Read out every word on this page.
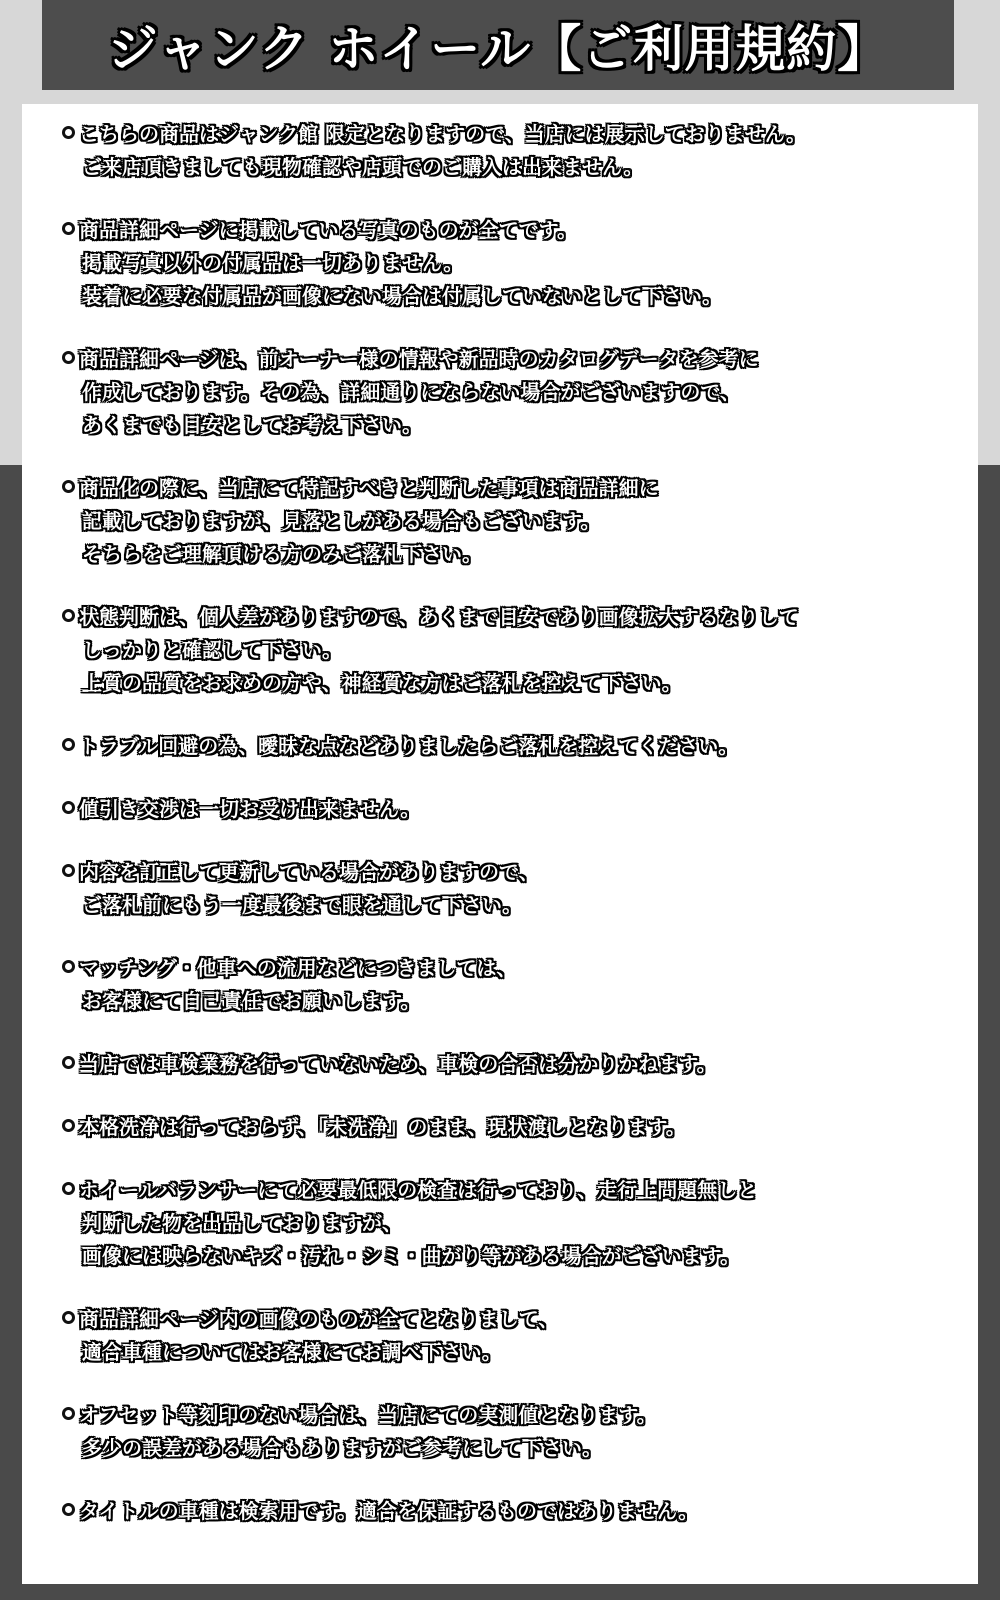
ジャンク ホイール【ご利用規約】
こちらの商品はジャンク館 限定となりますので、当店には展示しておりません。
ご来店頂きましても現物確認や店頭でのご購入は出来ません。
商品詳細ページに掲載している写真のものが全てです。
掲載写真以外の付属品は一切ありません。
装着に必要な付属品が画像にない場合は付属していないとして下さい。
商品詳細ページは、前オーナー様の情報や新品時のカタログデータを参考に
作成しております。その為、詳細通りにならない場合がございますので、
あくまでも目安としてお考え下さい。
商品化の際に、当店にて特記すべきと判断した事項は商品詳細に
記載しておりますが、見落としがある場合もございます。
そちらをご理解頂ける方のみご落札下さい。
状態判断は、個人差がありますので、あくまで目安であり画像拡大するなりして
しっかりと確認して下さい。
上質の品質をお求めの方や、神経質な方はご落札を控えて下さい。
トラブル回避の為、曖昧な点などありましたらご落札を控えてください。
値引き交渉は一切お受け出来ません。
内容を訂正して更新している場合がありますので、
ご落札前にもう一度最後まで眼を通して下さい。
マッチング・他車への流用などにつきましては、
お客様にて自己責任でお願いします。
当店では車検業務を行っていないため、車検の合否は分かりかねます。
本格洗浄は行っておらず、「未洗浄」のまま、現状渡しとなります。
ホイールバランサーにて必要最低限の検査は行っており、走行上問題無しと
判断した物を出品しておりますが、
画像には映らないキズ・汚れ・シミ・曲がり等がある場合がございます。
商品詳細ページ内の画像のものが全てとなりまして、
適合車種についてはお客様にてお調べ下さい。
オフセット等刻印のない場合は、当店にての実測値となります。
多少の誤差がある場合もありますがご参考にして下さい。
タイトルの車種は検索用です。適合を保証するものではありません。
